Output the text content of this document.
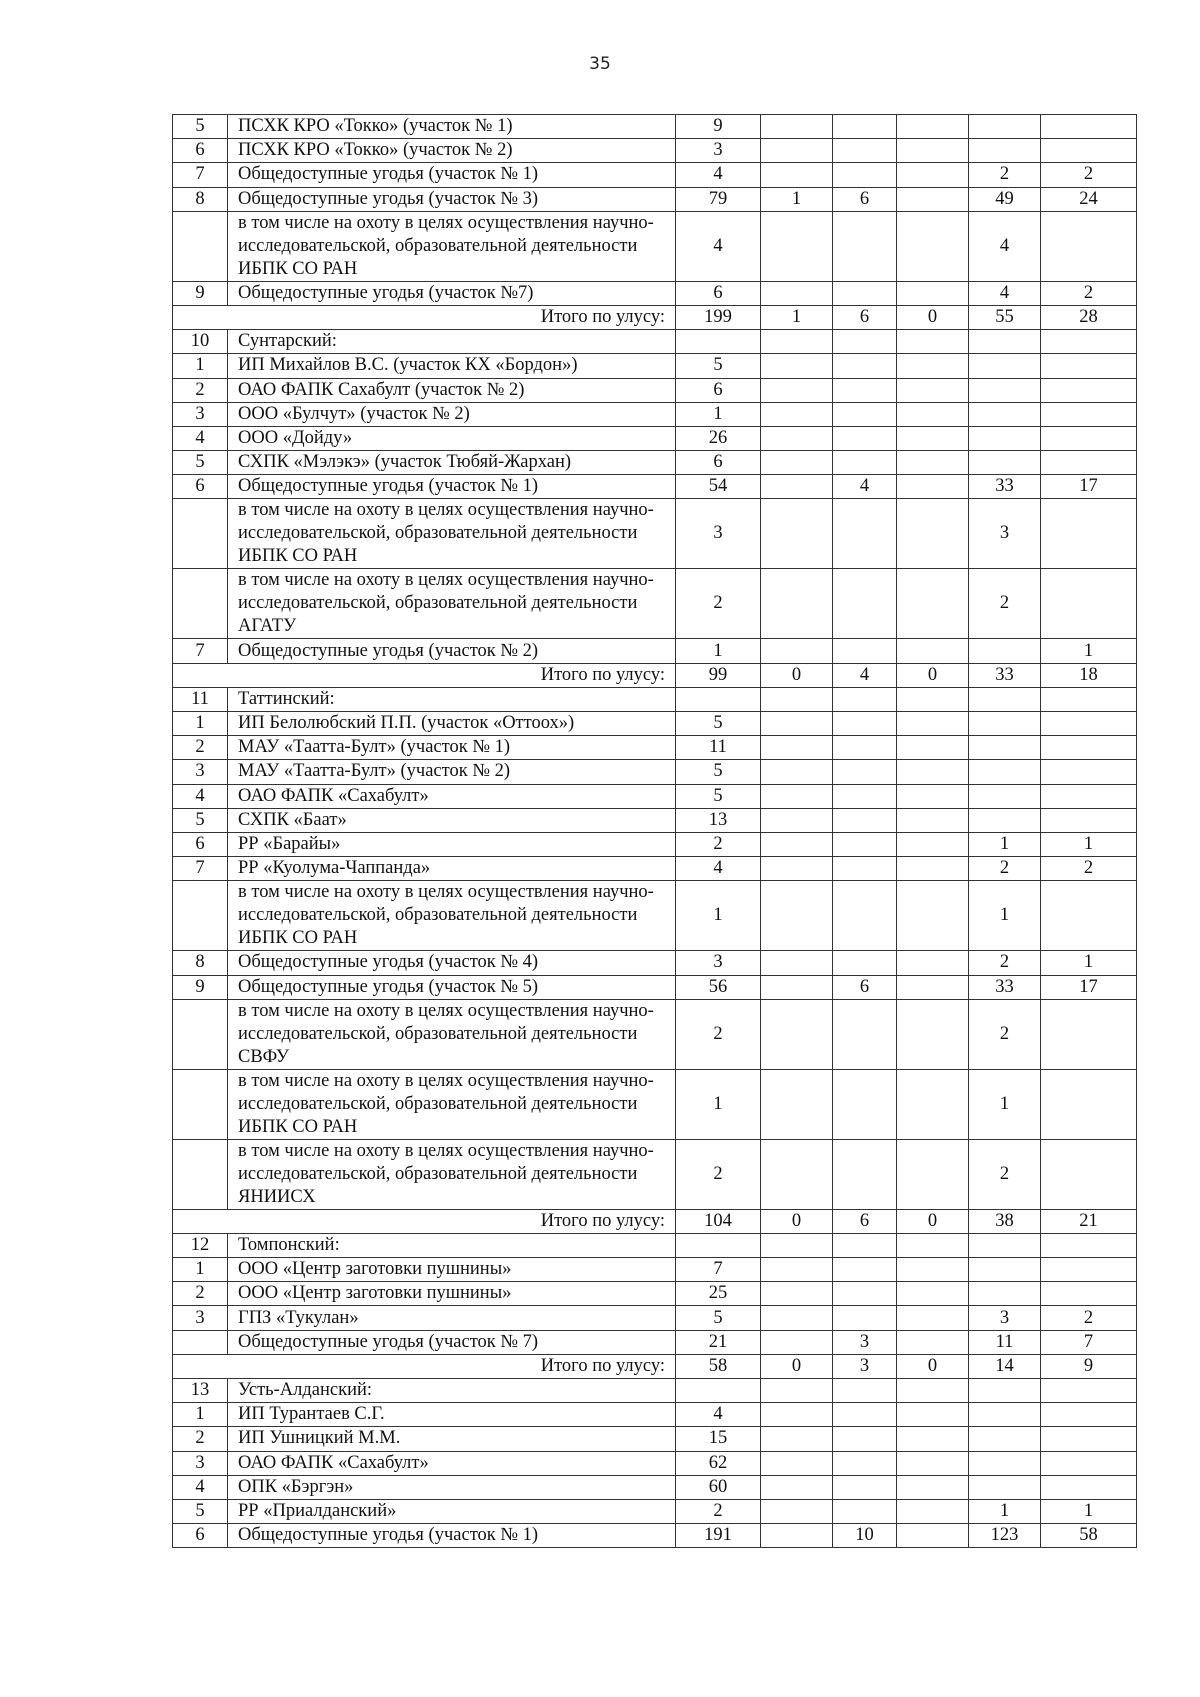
35
5	ПСХК КРО «Токко» (участок № 1)	9					
6	ПСХК КРО «Токко» (участок № 2)	3					
7	Общедоступные угодья (участок № 1)	4				2	2
8	Общедоступные угодья (участок № 3)	79	1	6		49	24
	в том числе на охоту в целях осуществления научно-исследовательской, образовательной деятельности ИБПК СО РАН	4				4	
9	Общедоступные угодья (участок №7)	6				4	2
Итого по улусу:		199	1	6	0	55	28
10	Сунтарский:						
1	ИП Михайлов В.С. (участок КХ «Бордон»)	5					
2	ОАО ФАПК Сахабулт (участок № 2)	6					
3	ООО «Булчут» (участок № 2)	1					
4	ООО «Дойду»	26					
5	СХПК «Мэлэкэ» (участок Тюбяй-Жархан)	6					
6	Общедоступные угодья (участок № 1)	54		4		33	17
	в том числе на охоту в целях осуществления научно-исследовательской, образовательной деятельности ИБПК СО РАН	3				3	
	в том числе на охоту в целях осуществления научно-исследовательской, образовательной деятельности АГАТУ	2				2	
7	Общедоступные угодья (участок № 2)	1					1
Итого по улусу:		99	0	4	0	33	18
11	Таттинский:						
1	ИП Белолюбский П.П. (участок «Оттоох»)	5					
2	МАУ «Таатта-Булт» (участок № 1)	11					
3	МАУ «Таатта-Булт» (участок № 2)	5					
4	ОАО ФАПК «Сахабулт»	5					
5	СХПК «Баат»	13					
6	РР «Барайы»	2				1	1
7	РР «Куолума-Чаппанда»	4				2	2
	в том числе на охоту в целях осуществления научно-исследовательской, образовательной деятельности ИБПК СО РАН	1				1	
8	Общедоступные угодья (участок № 4)	3				2	1
9	Общедоступные угодья (участок № 5)	56		6		33	17
	в том числе на охоту в целях осуществления научно-исследовательской, образовательной деятельности СВФУ	2				2	
	в том числе на охоту в целях осуществления научно-исследовательской, образовательной деятельности ИБПК СО РАН	1				1	
	в том числе на охоту в целях осуществления научно-исследовательской, образовательной деятельности ЯНИИСХ	2				2	
Итого по улусу:		104	0	6	0	38	21
12	Томпонский:						
1	ООО «Центр заготовки пушнины»	7					
2	ООО «Центр заготовки пушнины»	25					
3	ГПЗ «Тукулан»	5				3	2
	Общедоступные угодья (участок № 7)	21		3		11	7
Итого по улусу:		58	0	3	0	14	9
13	Усть-Алданский:						
1	ИП Турантаев С.Г.	4					
2	ИП Ушницкий М.М.	15					
3	ОАО ФАПК «Сахабулт»	62					
4	ОПК «Бэргэн»	60					
5	РР «Приалданский»	2				1	1
6	Общедоступные угодья (участок № 1)	191		10		123	58
